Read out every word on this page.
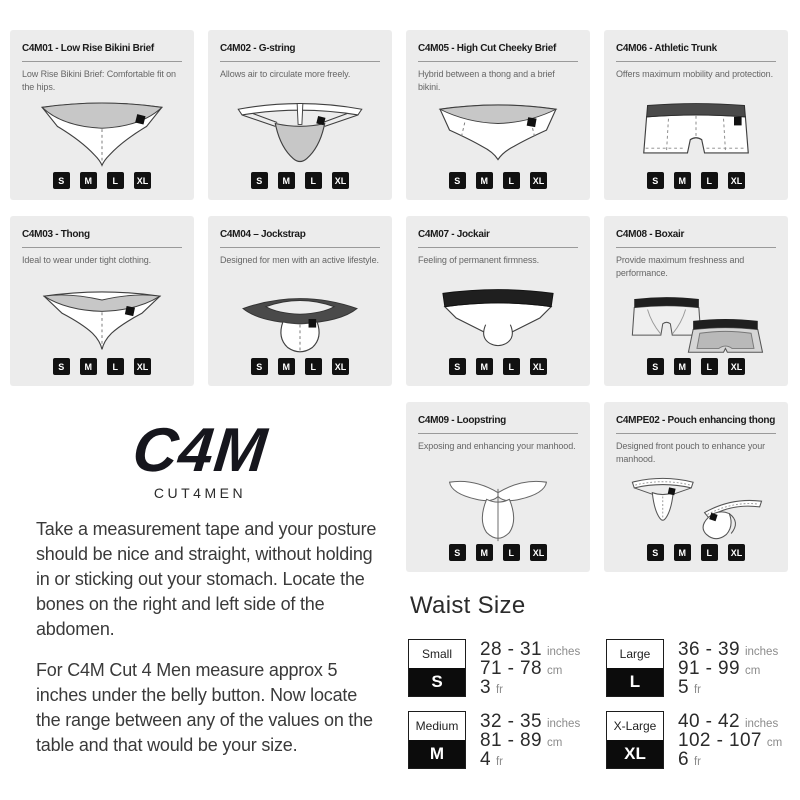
C4M01 - Low Rise Bikini Brief
Low Rise Bikini Brief: Comfortable fit on the hips.
S	M	L	XL
C4M02 - G-string
Allows air to circulate more freely.
S	M	L	XL
C4M05 - High Cut Cheeky Brief
Hybrid between a thong and a brief bikini.
S	M	L	XL
C4M06 - Athletic Trunk
Offers maximum mobility and protection.
S	M	L	XL
C4M03 - Thong
Ideal to wear under tight clothing.
S	M	L	XL
C4M04 – Jockstrap
Designed for men with an active lifestyle.
S	M	L	XL
C4M07 - Jockair
Feeling of permanent firmness.
S	M	L	XL
C4M08 - Boxair
Provide maximum freshness and performance.
S	M	L	XL
C4M09 - Loopstring
Exposing and enhancing your manhood.
S	M	L	XL
C4MPE02 - Pouch enhancing thong
Designed front pouch to enhance your manhood.
S	M	L	XL
C4M
CUT4MEN

Take a measurement tape and your posture should be nice and straight, without holding in or sticking out your stomach. Locate the bones on the right and left side of the abdomen.

For C4M Cut 4 Men measure approx 5 inches under the belly button. Now locate the range between any of the values on the table and that would be your size.

Waist Size
Small
S
28 - 31 inches
71 - 78 cm
3 fr
Large
L
36 - 39 inches
91 - 99 cm
5 fr
Medium
M
32 - 35 inches
81 - 89 cm
4 fr
X-Large
XL
40 - 42 inches
102 - 107 cm
6 fr
